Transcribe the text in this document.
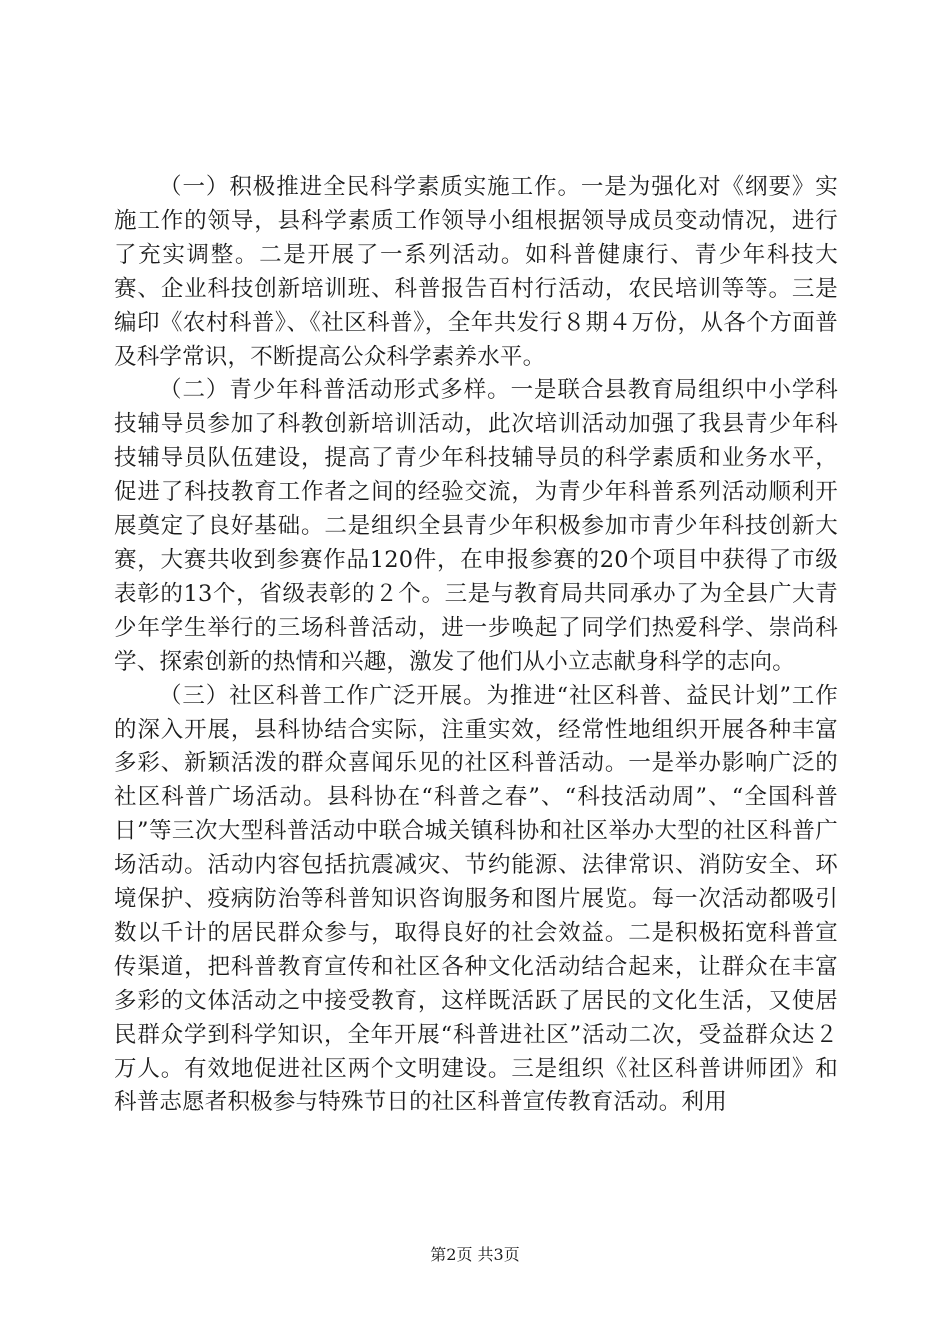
（一）积极推进全民科学素质实施工作。一是为强化对《纲要》实施工作的领导，县科学素质工作领导小组根据领导成员变动情况，进行了充实调整。二是开展了一系列活动。如科普健康行、青少年科技大赛、企业科技创新培训班、科普报告百村行活动，农民培训等等。三是编印《农村科普》、《社区科普》，全年共发行８期４万份，从各个方面普及科学常识，不断提高公众科学素养水平。

（二）青少年科普活动形式多样。一是联合县教育局组织中小学科技辅导员参加了科教创新培训活动，此次培训活动加强了我县青少年科技辅导员队伍建设，提高了青少年科技辅导员的科学素质和业务水平，促进了科技教育工作者之间的经验交流，为青少年科普系列活动顺利开展奠定了良好基础。二是组织全县青少年积极参加市青少年科技创新大赛，大赛共收到参赛作品120件，在申报参赛的20个项目中获得了市级表彰的13个，省级表彰的２个。三是与教育局共同承办了为全县广大青少年学生举行的三场科普活动，进一步唤起了同学们热爱科学、崇尚科学、探索创新的热情和兴趣，激发了他们从小立志献身科学的志向。

（三）社区科普工作广泛开展。为推进“社区科普、益民计划”工作的深入开展，县科协结合实际，注重实效，经常性地组织开展各种丰富多彩、新颖活泼的群众喜闻乐见的社区科普活动。一是举办影响广泛的社区科普广场活动。县科协在“科普之春”、“科技活动周”、“全国科普日”等三次大型科普活动中联合城关镇科协和社区举办大型的社区科普广场活动。活动内容包括抗震减灾、节约能源、法律常识、消防安全、环境保护、疫病防治等科普知识咨询服务和图片展览。每一次活动都吸引数以千计的居民群众参与，取得良好的社会效益。二是积极拓宽科普宣传渠道，把科普教育宣传和社区各种文化活动结合起来，让群众在丰富多彩的文体活动之中接受教育，这样既活跃了居民的文化生活，又使居民群众学到科学知识，全年开展“科普进社区”活动二次，受益群众达２万人。有效地促进社区两个文明建设。三是组织《社区科普讲师团》和科普志愿者积极参与特殊节日的社区科普宣传教育活动。利用

第2页 共3页
